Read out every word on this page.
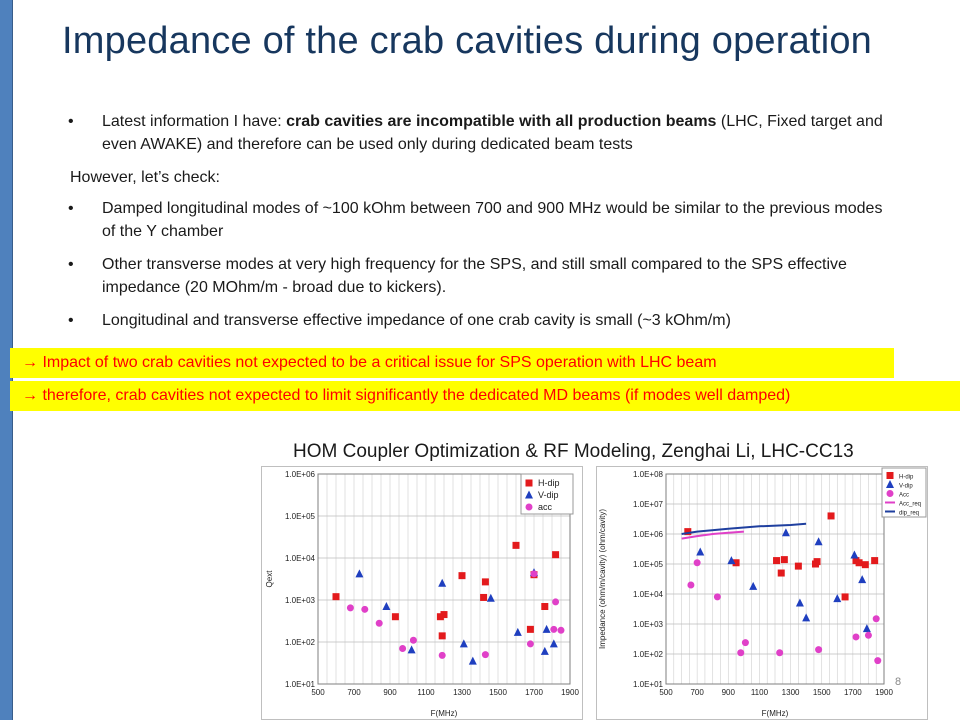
Impedance of the crab cavities during operation
• Latest information I have: crab cavities are incompatible with all production beams (LHC, Fixed target and even AWAKE) and therefore can be used only during dedicated beam tests
However, let’s check:
• Damped longitudinal modes of ~100 kOhm between 700 and 900 MHz would be similar to the previous modes of the Y chamber
• Other transverse modes at very high frequency for the SPS, and still small compared to the SPS effective impedance (20 MOhm/m - broad due to kickers).
• Longitudinal and transverse effective impedance of one crab cavity is small (~3 kOhm/m)
→ Impact of two crab cavities not expected to be a critical issue for SPS operation with LHC beam
→ therefore, crab cavities not expected to limit significantly the dedicated MD beams (if modes well damped)
HOM Coupler Optimization & RF Modeling, Zenghai Li, LHC-CC13
1.0E+01
1.0E+02
1.0E+03
1.0E+04
1.0E+05
1.0E+06
500	700	900	1100 1300 1500 1700 1900
F(MHz)
Qext
H-dip
V-dip
acc
1.0E+01
1.0E+02
1.0E+03
1.0E+04
1.0E+05
1.0E+06
1.0E+07
1.0E+08
500 700 900 1100 1300 1500 1700 1900
F(MHz)
Impedance (ohm/m/cavity) (ohm/cavity)
H-dip
V-dip
Acc
Acc_req
dip_req
8
